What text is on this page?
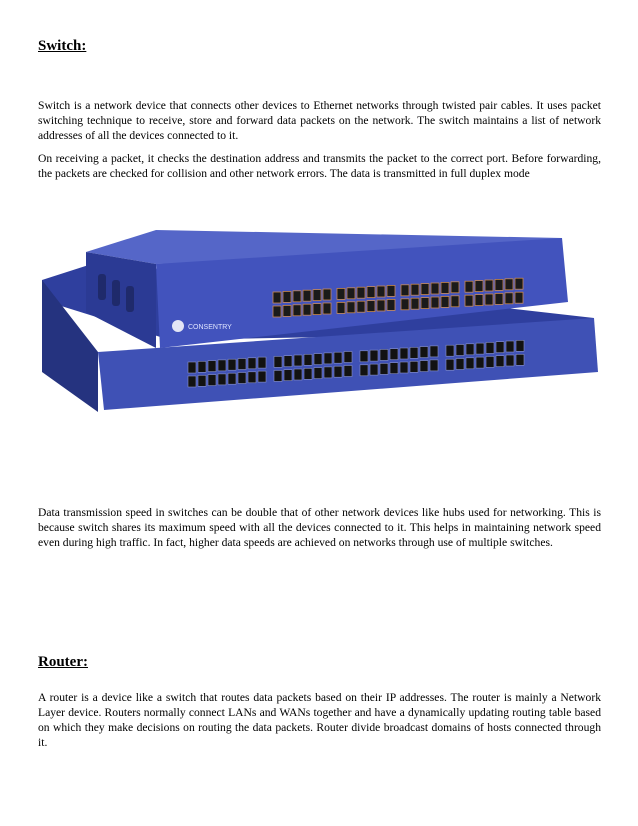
Switch:

Switch is a network device that connects other devices to Ethernet networks through twisted pair cables. It uses packet switching technique to receive, store and forward data packets on the network. The switch maintains a list of network addresses of all the devices connected to it.

On receiving a packet, it checks the destination address and transmits the packet to the correct port. Before forwarding, the packets are checked for collision and other network errors. The data is transmitted in full duplex mode

CONSENTRY

Data transmission speed in switches can be double that of other network devices like hubs used for networking. This is because switch shares its maximum speed with all the devices connected to it. This helps in maintaining network speed even during high traffic. In fact, higher data speeds are achieved on networks through use of multiple switches.

Router:

A router is a device like a switch that routes data packets based on their IP addresses. The router is mainly a Network Layer device. Routers normally connect LANs and WANs together and have a dynamically updating routing table based on which they make decisions on routing the data packets. Router divide broadcast domains of hosts connected through it.
